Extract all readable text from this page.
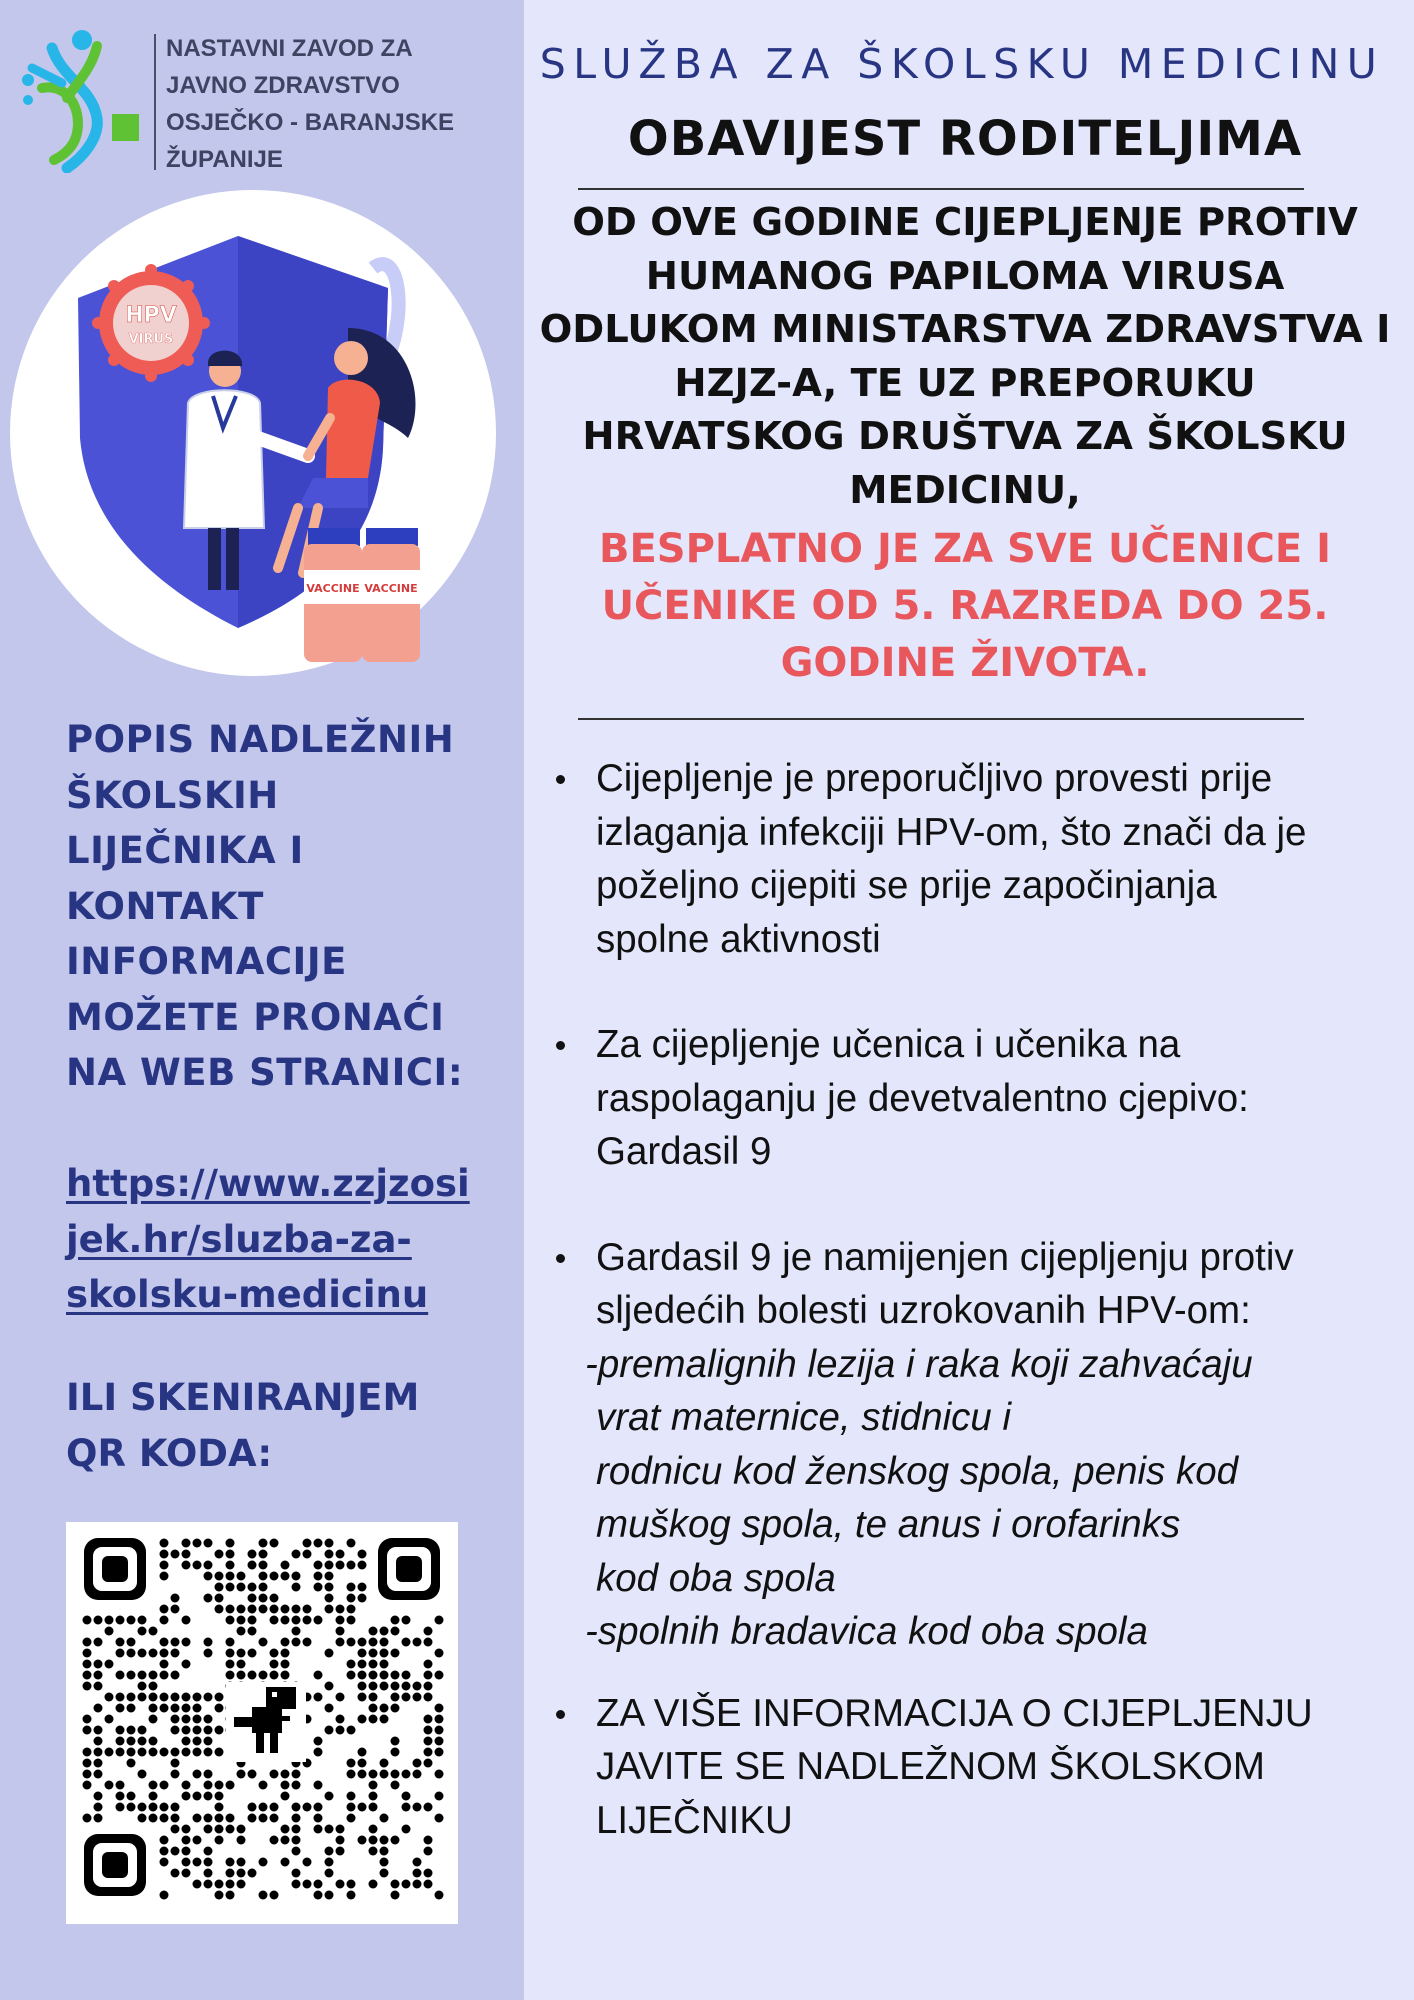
NASTAVNI ZAVOD ZA
JAVNO ZDRAVSTVO
OSJEČKO - BARANJSKE
ŽUPANIJE
HPV
VIRUS
VACCINE VACCINE
POPIS NADLEŽNIH
ŠKOLSKIH
LIJEČNIKA I
KONTAKT
INFORMACIJE
MOŽETE PRONAĆI
NA WEB STRANICI:
https://www.zzjzosi
jek.hr/sluzba-za-
skolsku-medicinu
ILI SKENIRANJEM
QR KODA:
SLUŽBA ZA ŠKOLSKU MEDICINU
OBAVIJEST RODITELJIMA
OD OVE GODINE CIJEPLJENJE PROTIV
HUMANOG PAPILOMA VIRUSA
ODLUKOM MINISTARSTVA ZDRAVSTVA I
HZJZ-A, TE UZ PREPORUKU
HRVATSKOG DRUŠTVA ZA ŠKOLSKU
MEDICINU,
BESPLATNO JE ZA SVE UČENICE I
UČENIKE OD 5. RAZREDA DO 25.
GODINE ŽIVOTA.
Cijepljenje je preporučljivo provesti prije
izlaganja infekciji HPV-om, što znači da je
poželjno cijepiti se prije započinjanja
spolne aktivnosti
Za cijepljenje učenica i učenika na
raspolaganju je devetvalentno cjepivo:
Gardasil 9
Gardasil 9 je namijenjen cijepljenju protiv
sljedećih bolesti uzrokovanih HPV-om:
-premalignih lezija i raka koji zahvaćaju
vrat maternice, stidnicu i
rodnicu kod ženskog spola, penis kod
muškog spola, te anus i orofarinks
kod oba spola
-spolnih bradavica kod oba spola
ZA VIŠE INFORMACIJA O CIJEPLJENJU
JAVITE SE NADLEŽNOM ŠKOLSKOM
LIJEČNIKU
